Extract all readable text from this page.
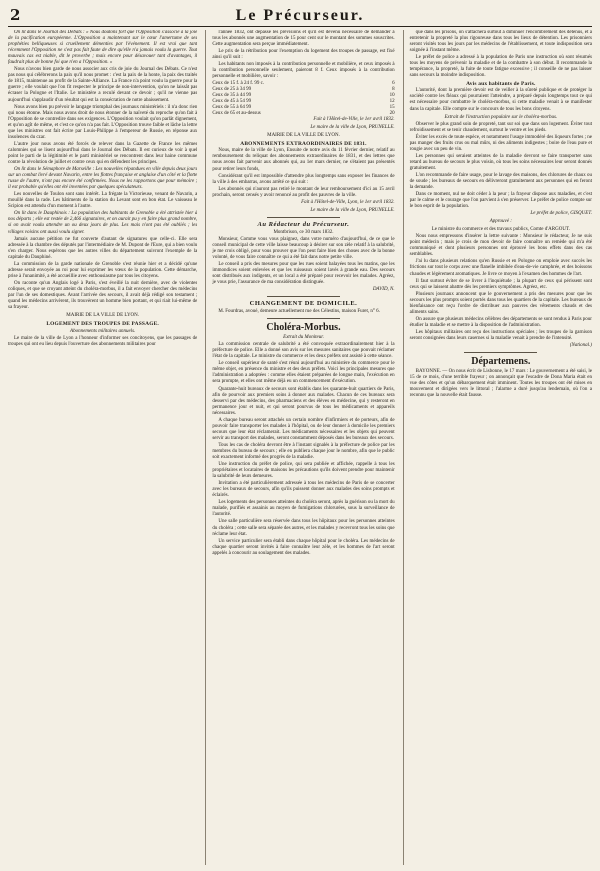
2	Le Précurseur.

On lit dans le Journal des Débats : « Nous doutons fort que l'Opposition s'associe à la joie de la pacification européenne. L'Opposition a maintenant sur le cœur l'amertume de ses prophéties belliqueuses si cruellement démenties par l'événement. Il est vrai que tant récemment l'Opposition ne s'est pas fait faute de dire qu'elle n'a jamais voulu la guerre. Tout mauvais cas est niable, dit le proverbe ; mais encore pour désavouer tant d'avantages, il faudrait plus de bonne foi que n'en a l'Opposition. »

Nous n'avons bien garde de nous associer aux cris de joie du Journal des Débats. Ce n'est pas nous qui célébrerons la paix qu'il nous promet : c'est la paix de la honte, la paix des traités de 1815, maintenue au profit de la Sainte-Alliance. La France n'a point voulu la guerre pour la guerre ; elle voulait que l'on fit respecter le principe de non-intervention, qu'on ne laissât pas écraser la Pologne et l'Italie. Le ministère a reculé devant ce devoir ; qu'il ne vienne pas aujourd'hui s'applaudir d'un résultat qui est la consécration de notre abaissement.

Nous avons bien pu prévoir le langage triomphal des journaux ministériels : il n'a donc rien qui nous étonne. Mais nous avons droit de nous étonner de la naïveté du reproche qu'on fait à l'Opposition de se contredire dans ses exigences. L'Opposition voulait qu'on parlât dignement, et qu'on agît de même, et c'est ce qu'on n'a pas fait. L'Opposition trouve faible et lâche la lettre que les ministres ont fait écrire par Louis-Philippe à l'empereur de Russie, en réponse aux insolences du czar.

L'autre jour nous avons été forcés de relever dans la Gazette de France les mêmes calomnies qui se lisent aujourd'hui dans le Journal des Débats. Il est curieux de voir à quel point le parti de la légitimité et le parti ministériel se rencontrent dans leur haine commune contre la révolution de juillet et contre ceux qui en défendent les principes.

On lit dans le Sémaphore de Marseille : Les nouvelles répandues en ville depuis deux jours sur un combat livré devant Navarin, entre les flottes française et anglaise d'un côté et la flotte russe de l'autre, n'ont pas encore été confirmées. Nous ne les rapportons que pour mémoire ; il est probable qu'elles ont été inventées par quelques spéculateurs.

Les nouvelles de Toulon sont sans intérêt. La frégate la Victorieuse, venant de Navarin, a mouillé dans la rade. Les bâtiments de la station du Levant sont en bon état. Le vaisseau le Scipion est attendu d'un moment à l'autre.

On lit dans le Dauphinois : La population des habitants de Grenoble a été attristée hier à nos départs ; elle est restée de 2,466 signataires, et on aurait pu y en faire plus grand nombre, si on avait voulu attendre un ou deux jours de plus. Les mais n'ont pas été oubliés ; les villages voisins ont aussi voulu signer.

Jamais aucune pétition ne fut couverte d'autant de signatures que celle-ci. Elle sera adressée à la chambre des députés par l'intermédiaire de M. Dupont de l'Eure, qui a bien voulu s'en charger. Nous espérons que les autres villes du département suivront l'exemple de la capitale du Dauphiné.

La commission de la garde nationale de Grenoble s'est réunie hier et a décidé qu'une adresse serait envoyée au roi pour lui exprimer les vœux de la population. Cette démarche, prise à l'unanimité, a été accueillie avec enthousiasme par tous les citoyens.

On raconte qu'un Anglais logé à Paris, s'est éveillé la nuit dernière, avec de violentes coliques, et que se croyant atteint du choléra-morbus, il a fait envoyer chercher des médecins par l'un de ses domestiques. Avant l'arrivée des secours, il avait déjà rédigé son testament ; quand les médecins arrivèrent, ils trouvèrent un homme bien portant, et qui riait lui-même de sa frayeur.

MAIRIE DE LA VILLE DE LYON.
LOGEMENT DES TROUPES DE PASSAGE.
Abonnements militaires annuels.

Le maire de la ville de Lyon a l'honneur d'informer ses concitoyens, que les passages de troupes qui ont eu lieu depuis l'ouverture des abonnements militaires pour

l'année 1832, ont dépassé les prévisions et qu'il est devenu nécessaire de demander à tous les abonnés une augmentation de 15 pour cent sur le montant des sommes souscrites. Cette augmentation sera perçue immédiatement.

Le prix de la rétribution pour l'exemption du logement des troupes de passage, est fixé ainsi qu'il suit :

Les habitants non imposés à la contribution personnelle et mobilière, et ceux imposés à la contribution personnelle seulement, paieront 8 f. Ceux imposés à la contribution personnelle et mobilière, savoir :

Ceux de 15 f. à 24 f. 99 c.	6
Ceux de 25 à 34 99	8
Ceux de 35 à 44 99	10
Ceux de 45 à 54 99	12
Ceux de 55 à 64 99	15
Ceux de 65 et au-dessus	20
Fait à l'Hôtel-de-Ville, le 1er avril 1832.
Le maire de la ville de Lyon, PRUNELLE.
MAIRIE DE LA VILLE DE LYON.
ABONNEMENTS EXTRAORDINAIRES DE 1831.

Nous, maire de la ville de Lyon, Ensuite de notre avis du 11 février dernier, relatif au remboursement du reliquat des abonnements extraordinaires de 1831, et des lettres que nous avons fait parvenir aux abonnés qui, au 1er mars dernier, ne s'étaient pas présentés pour retirer leurs fonds,

Considérant qu'il est impossible d'attendre plus longtemps sans exposer les finances de la ville à des embarras, avons arrêté ce qui suit :

Les abonnés qui n'auront pas retiré le montant de leur remboursement d'ici au 15 avril prochain, seront censés y avoir renoncé au profit des pauvres de la ville.

Fait à l'Hôtel-de-Ville, Lyon, le 1er avril 1832.
Le maire de la ville de Lyon, PRUNELLE.
Au Rédacteur du Précurseur.
Montbrison, ce 30 mars 1832.

Monsieur, Comme vous vous plaignez, dans votre numéro d'aujourd'hui, de ce que le conseil municipal de cette ville laisse beaucoup à désirer sur son zèle relatif à la salubrité, je me crois obligé, pour vous prouver que l'on peut faire bien des choses avec de la bonne volonté, de vous faire connaître ce qui a été fait dans notre petite ville.

Le conseil a pris des mesures pour que les rues soient balayées tous les matins, que les immondices soient enlevées et que les ruisseaux soient lavés à grande eau. Des secours sont distribués aux indigents, et un local a été préparé pour recevoir les malades. Agréez, je vous prie, l'assurance de ma considération distinguée.

DAVID, N.
CHANGEMENT DE DOMICILE.

M. Fourdras, avoué, demeure actuellement rue des Célestins, maison Furet, n° 6.

Choléra-Morbus.
Extrait du Moniteur.

La commission centrale de salubrité a été convoquée extraordinairement hier à la préfecture de police. Elle a donné son avis sur les mesures sanitaires que pouvait réclamer l'état de la capitale. Le ministre du commerce et les deux préfets ont assisté à cette séance.

Le conseil supérieur de santé s'est réuni aujourd'hui au ministère du commerce pour le même objet, en présence du ministre et des deux préfets. Voici les principales mesures que l'administration a adoptées : comme elles étaient préparées de longue main, l'exécution en sera prompte, et elles ont même déjà eu un commencement d'exécution.

Quarante-huit bureaux de secours sont établis dans les quarante-huit quartiers de Paris, afin de pourvoir aux premiers soins à donner aux malades. Chacun de ces bureaux sera desservi par des médecins, des pharmaciens et des élèves en médecine, qui y resteront en permanence jour et nuit, et qui seront pourvus de tous les médicaments et appareils nécessaires.

A chaque bureau seront attachés un certain nombre d'infirmiers et de porteurs, afin de pouvoir faire transporter les malades à l'hôpital, ou de leur donner à domicile les premiers secours que leur état réclamerait. Les médicaments nécessaires et les objets qui peuvent servir au transport des malades, seront constamment déposés dans les bureaux des secours.

Tous les cas de choléra devront être à l'instant signalés à la préfecture de police par les membres du bureau de secours ; elle en publiera chaque jour le nombre, afin que le public soit exactement informé des progrès de la maladie.

Une instruction du préfet de police, qui sera publiée et affichée, rappelle à tous les propriétaires et locataires de maisons les précautions qu'ils doivent prendre pour maintenir la salubrité de leurs demeures.

Invitation a été particulièrement adressée à tous les médecins de Paris de se concerter avec les bureaux de secours, afin qu'ils puissent donner aux malades des soins prompts et éclairés.

Les logements des personnes atteintes du choléra seront, après la guérison ou la mort du malade, purifiés et assainis au moyen de fumigations chlorurées, sous la surveillance de l'autorité.

Une salle particulière sera réservée dans tous les hôpitaux pour les personnes atteintes du choléra ; cette salle sera séparée des autres, et les malades y recevront tous les soins que réclame leur état.

Un service particulier sera établi dans chaque hôpital pour le choléra. Les médecins de chaque quartier seront invités à faire connaître leur zèle, et les hommes de l'art seront appelés à concourir au soulagement des malades.

que dans les prisons, on s'attachera surtout à diminuer l'encombrement des détenus, et à entretenir la propreté la plus rigoureuse dans tous les lieux de détention. Les prisonniers seront visités tous les jours par les médecins de l'établissement, et toute indisposition sera soignée à l'instant même.

Le préfet de police a adressé à la population de Paris une instruction où sont résumés tous les moyens de prévenir la maladie et de la combattre à son début. Il recommande la tempérance, la propreté, la fuite de toute fatigue excessive ; il conseille de ne pas laisser sans secours la moindre indisposition.

Avis aux habitants de Paris.

L'autorité, dont la première devoir est de veiller à la sûreté publique et de protéger la société contre les fléaux qui pourraient l'atteindre, a préparé depuis longtemps tout ce qui est nécessaire pour combattre le choléra-morbus, si cette maladie venait à se manifester dans la capitale. Elle compte sur le concours de tous les bons citoyens.

Extrait de l'instruction populaire sur le choléra-morbus.

Observer le plus grand soin de propreté, tant sur soi que dans son logement. Éviter tout refroidissement et se tenir chaudement, surtout le ventre et les pieds.

Éviter les excès de toute espèce, et notamment l'usage immodéré des liqueurs fortes ; ne pas manger des fruits crus ou mal mûrs, ni des aliments indigestes ; boire de l'eau pure et rougie avec un peu de vin.

Les personnes qui seraient atteintes de la maladie devront se faire transporter sans retard au bureau de secours le plus voisin, où tous les soins nécessaires leur seront donnés gratuitement.

L'on recommande de faire usage, pour le lavage des maisons, des chlorures de chaux ou de soude ; les bureaux de secours en délivreront gratuitement aux personnes qui en feront la demande.

Dans ce moment, nul ne doit céder à la peur ; la frayeur dispose aux maladies, et c'est par le calme et le courage que l'on parvient à s'en préserver. Le préfet de police compte sur le bon esprit de la population.

Le préfet de police, GISQUET.
Approuvé :
Le ministre du commerce et des travaux publics, Comte d'ARGOUT.

Nous nous empressons d'insérer la lettre suivante : Monsieur le rédacteur, Je ne suis point médecin ; mais je crois de mon devoir de faire connaître un remède qui m'a été communiqué et dont plusieurs personnes ont éprouvé les bons effets dans des cas semblables.

J'ai lu dans plusieurs relations qu'en Russie et en Pologne on emploie avec succès les frictions sur tout le corps avec une flanelle imbibée d'eau-de-vie camphrée, et des boissons chaudes et légèrement aromatiques. Je livre ce moyen à l'examen des hommes de l'art.

Il faut surtout éviter de se livrer à l'inquiétude ; la plupart de ceux qui périssent sont ceux qui se laissent abattre dès les premiers symptômes. Agréez, etc.

Plusieurs journaux annoncent que le gouvernement a pris des mesures pour que les secours les plus prompts soient portés dans tous les quartiers de la capitale. Les bureaux de bienfaisance ont reçu l'ordre de distribuer aux pauvres des vêtements chauds et des aliments sains.

On assure que plusieurs médecins célèbres des départements se sont rendus à Paris pour étudier la maladie et se mettre à la disposition de l'administration.

Les hôpitaux militaires ont reçu des instructions spéciales ; les troupes de la garnison seront consignées dans leurs casernes si la maladie venait à prendre de l'intensité.

(National.)
Départemens.

BAYONNE. — On nous écrit de Lisbonne, le 17 mars : Le gouvernement a été saisi, le 15 de ce mois, d'une terrible frayeur ; on annonçait que l'escadre de Dona Maria était en vue des côtes et qu'un débarquement était imminent. Toutes les troupes ont été mises en mouvement et dirigées vers le littoral ; l'alarme a duré jusqu'au lendemain, où l'on a reconnu que la nouvelle était fausse.
